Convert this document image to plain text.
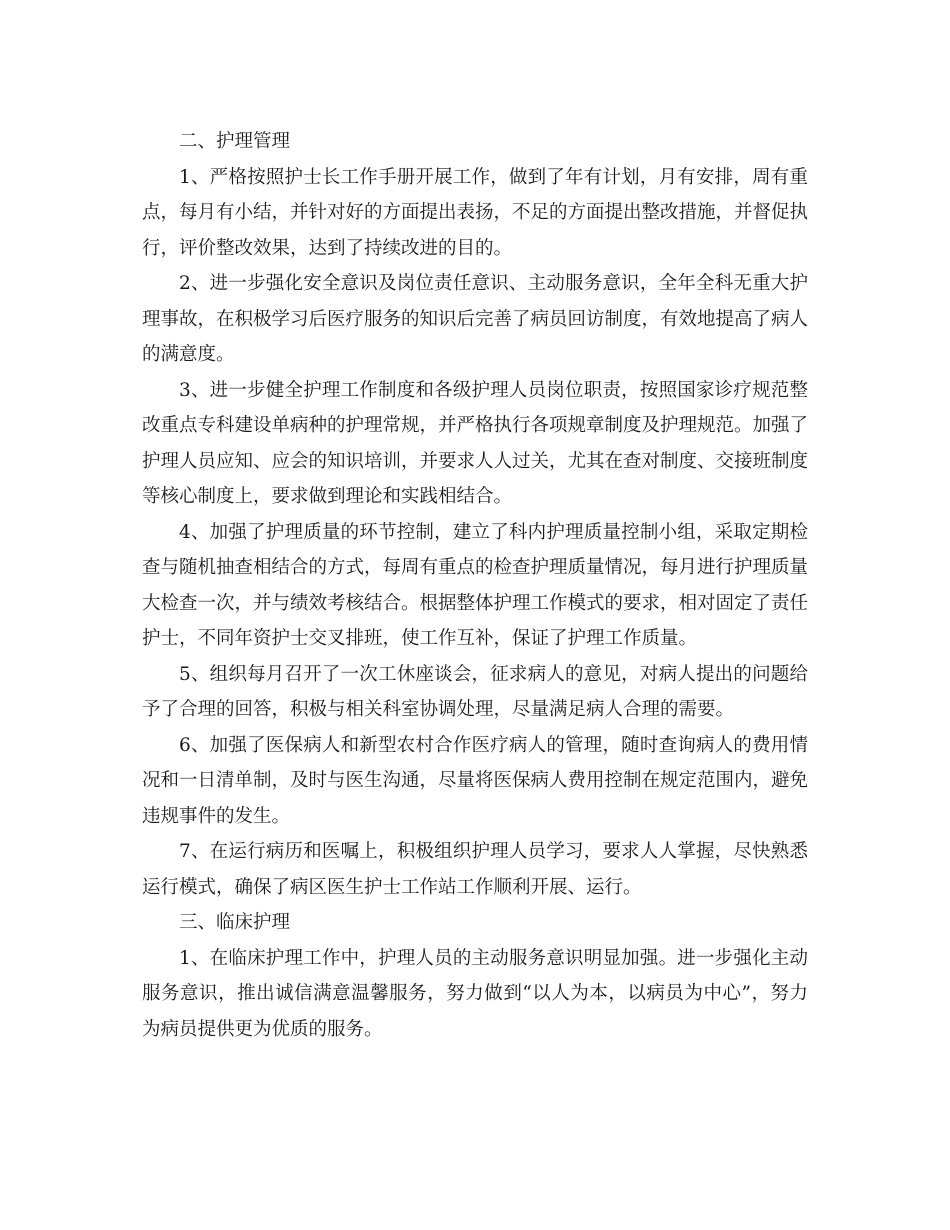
二、护理管理

1、严格按照护士长工作手册开展工作，做到了年有计划，月有安排，周有重点，每月有小结，并针对好的方面提出表扬，不足的方面提出整改措施，并督促执行，评价整改效果，达到了持续改进的目的。

2、进一步强化安全意识及岗位责任意识、主动服务意识，全年全科无重大护理事故，在积极学习后医疗服务的知识后完善了病员回访制度，有效地提高了病人的满意度。

3、进一步健全护理工作制度和各级护理人员岗位职责，按照国家诊疗规范整改重点专科建设单病种的护理常规，并严格执行各项规章制度及护理规范。加强了护理人员应知、应会的知识培训，并要求人人过关，尤其在查对制度、交接班制度等核心制度上，要求做到理论和实践相结合。

4、加强了护理质量的环节控制，建立了科内护理质量控制小组，采取定期检查与随机抽查相结合的方式，每周有重点的检查护理质量情况，每月进行护理质量大检查一次，并与绩效考核结合。根据整体护理工作模式的要求，相对固定了责任护士，不同年资护士交叉排班，使工作互补，保证了护理工作质量。

5、组织每月召开了一次工休座谈会，征求病人的意见，对病人提出的问题给予了合理的回答，积极与相关科室协调处理，尽量满足病人合理的需要。

6、加强了医保病人和新型农村合作医疗病人的管理，随时查询病人的费用情况和一日清单制，及时与医生沟通，尽量将医保病人费用控制在规定范围内，避免违规事件的发生。

7、在运行病历和医嘱上，积极组织护理人员学习，要求人人掌握，尽快熟悉运行模式，确保了病区医生护士工作站工作顺利开展、运行。

三、临床护理

1、在临床护理工作中，护理人员的主动服务意识明显加强。进一步强化主动服务意识，推出诚信满意温馨服务，努力做到“以人为本，以病员为中心”，努力为病员提供更为优质的服务。
